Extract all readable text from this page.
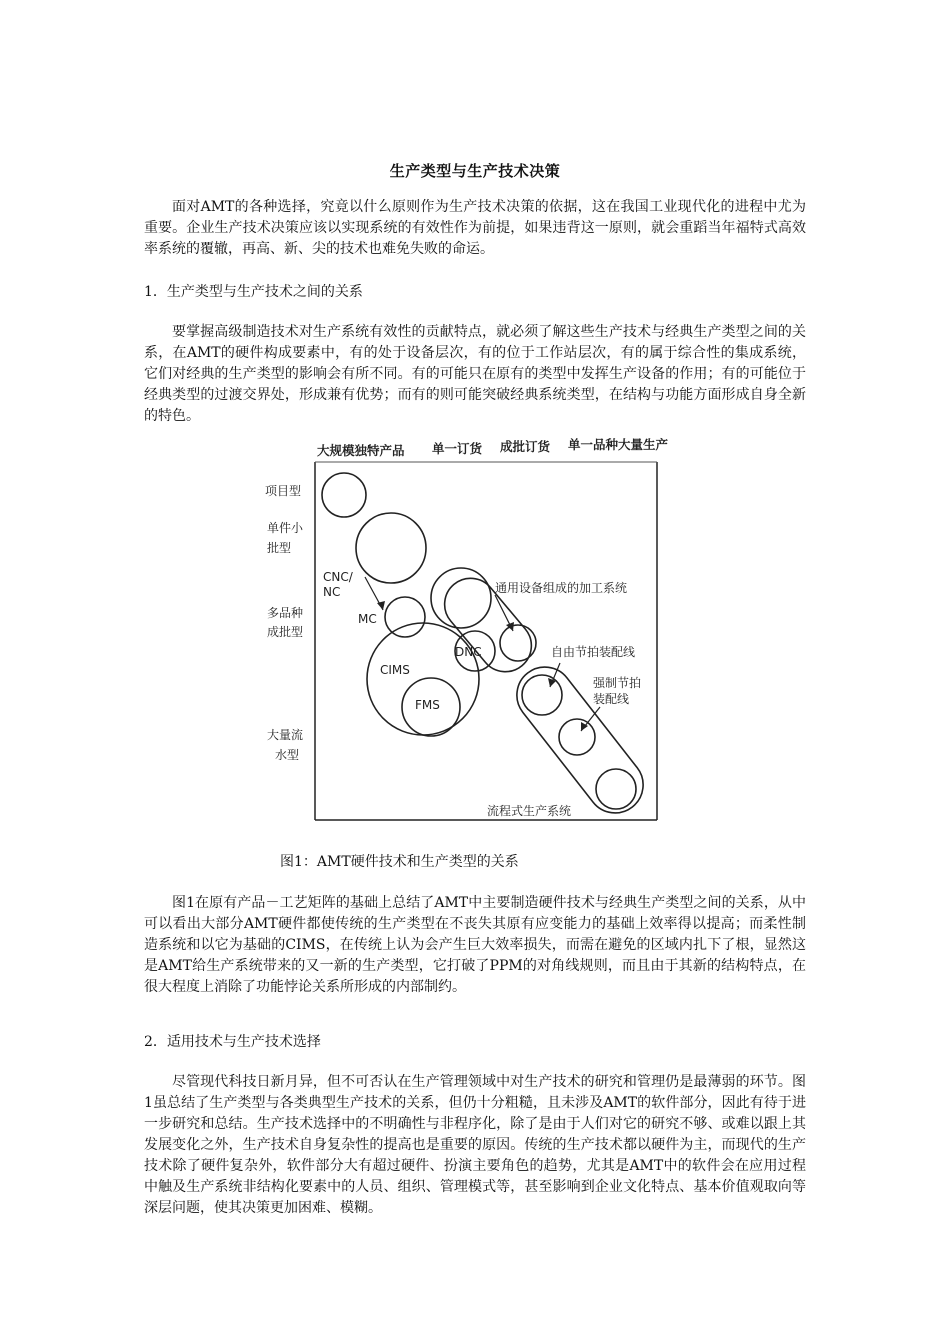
生产类型与生产技术决策

面对AMT的各种选择，究竟以什么原则作为生产技术决策的依据，这在我国工业现代化的进程中尤为重要。企业生产技术决策应该以实现系统的有效性作为前提，如果违背这一原则，就会重蹈当年福特式高效率系统的覆辙，再高、新、尖的技术也难免失败的命运。

1．生产类型与生产技术之间的关系

要掌握高级制造技术对生产系统有效性的贡献特点，就必须了解这些生产技术与经典生产类型之间的关系，在AMT的硬件构成要素中，有的处于设备层次，有的位于工作站层次，有的属于综合性的集成系统，它们对经典的生产类型的影响会有所不同。有的可能只在原有的类型中发挥生产设备的作用；有的可能位于经典类型的过渡交界处，形成兼有优势；而有的则可能突破经典系统类型，在结构与功能方面形成自身全新的特色。

大规模独特产品 单一订货 成批订货 单一品种大量生产
项目型
单件小
批型
多品种
成批型
大量流
水型
CNC/
NC
MC
CIMS
FMS
DNC
通用设备组成的加工系统
自由节拍装配线
强制节拍
装配线
流程式生产系统
图1：AMT硬件技术和生产类型的关系

图1在原有产品－工艺矩阵的基础上总结了AMT中主要制造硬件技术与经典生产类型之间的关系，从中可以看出大部分AMT硬件都使传统的生产类型在不丧失其原有应变能力的基础上效率得以提高；而柔性制造系统和以它为基础的CIMS，在传统上认为会产生巨大效率损失，而需在避免的区域内扎下了根，显然这是AMT给生产系统带来的又一新的生产类型，它打破了PPM的对角线规则，而且由于其新的结构特点，在很大程度上消除了功能悖论关系所形成的内部制约。

2．适用技术与生产技术选择

尽管现代科技日新月异，但不可否认在生产管理领域中对生产技术的研究和管理仍是最薄弱的环节。图1虽总结了生产类型与各类典型生产技术的关系，但仍十分粗糙，且未涉及AMT的软件部分，因此有待于进一步研究和总结。生产技术选择中的不明确性与非程序化，除了是由于人们对它的研究不够、或难以跟上其发展变化之外，生产技术自身复杂性的提高也是重要的原因。传统的生产技术都以硬件为主，而现代的生产技术除了硬件复杂外，软件部分大有超过硬件、扮演主要角色的趋势，尤其是AMT中的软件会在应用过程中触及生产系统非结构化要素中的人员、组织、管理模式等，甚至影响到企业文化特点、基本价值观取向等深层问题，使其决策更加困难、模糊。
